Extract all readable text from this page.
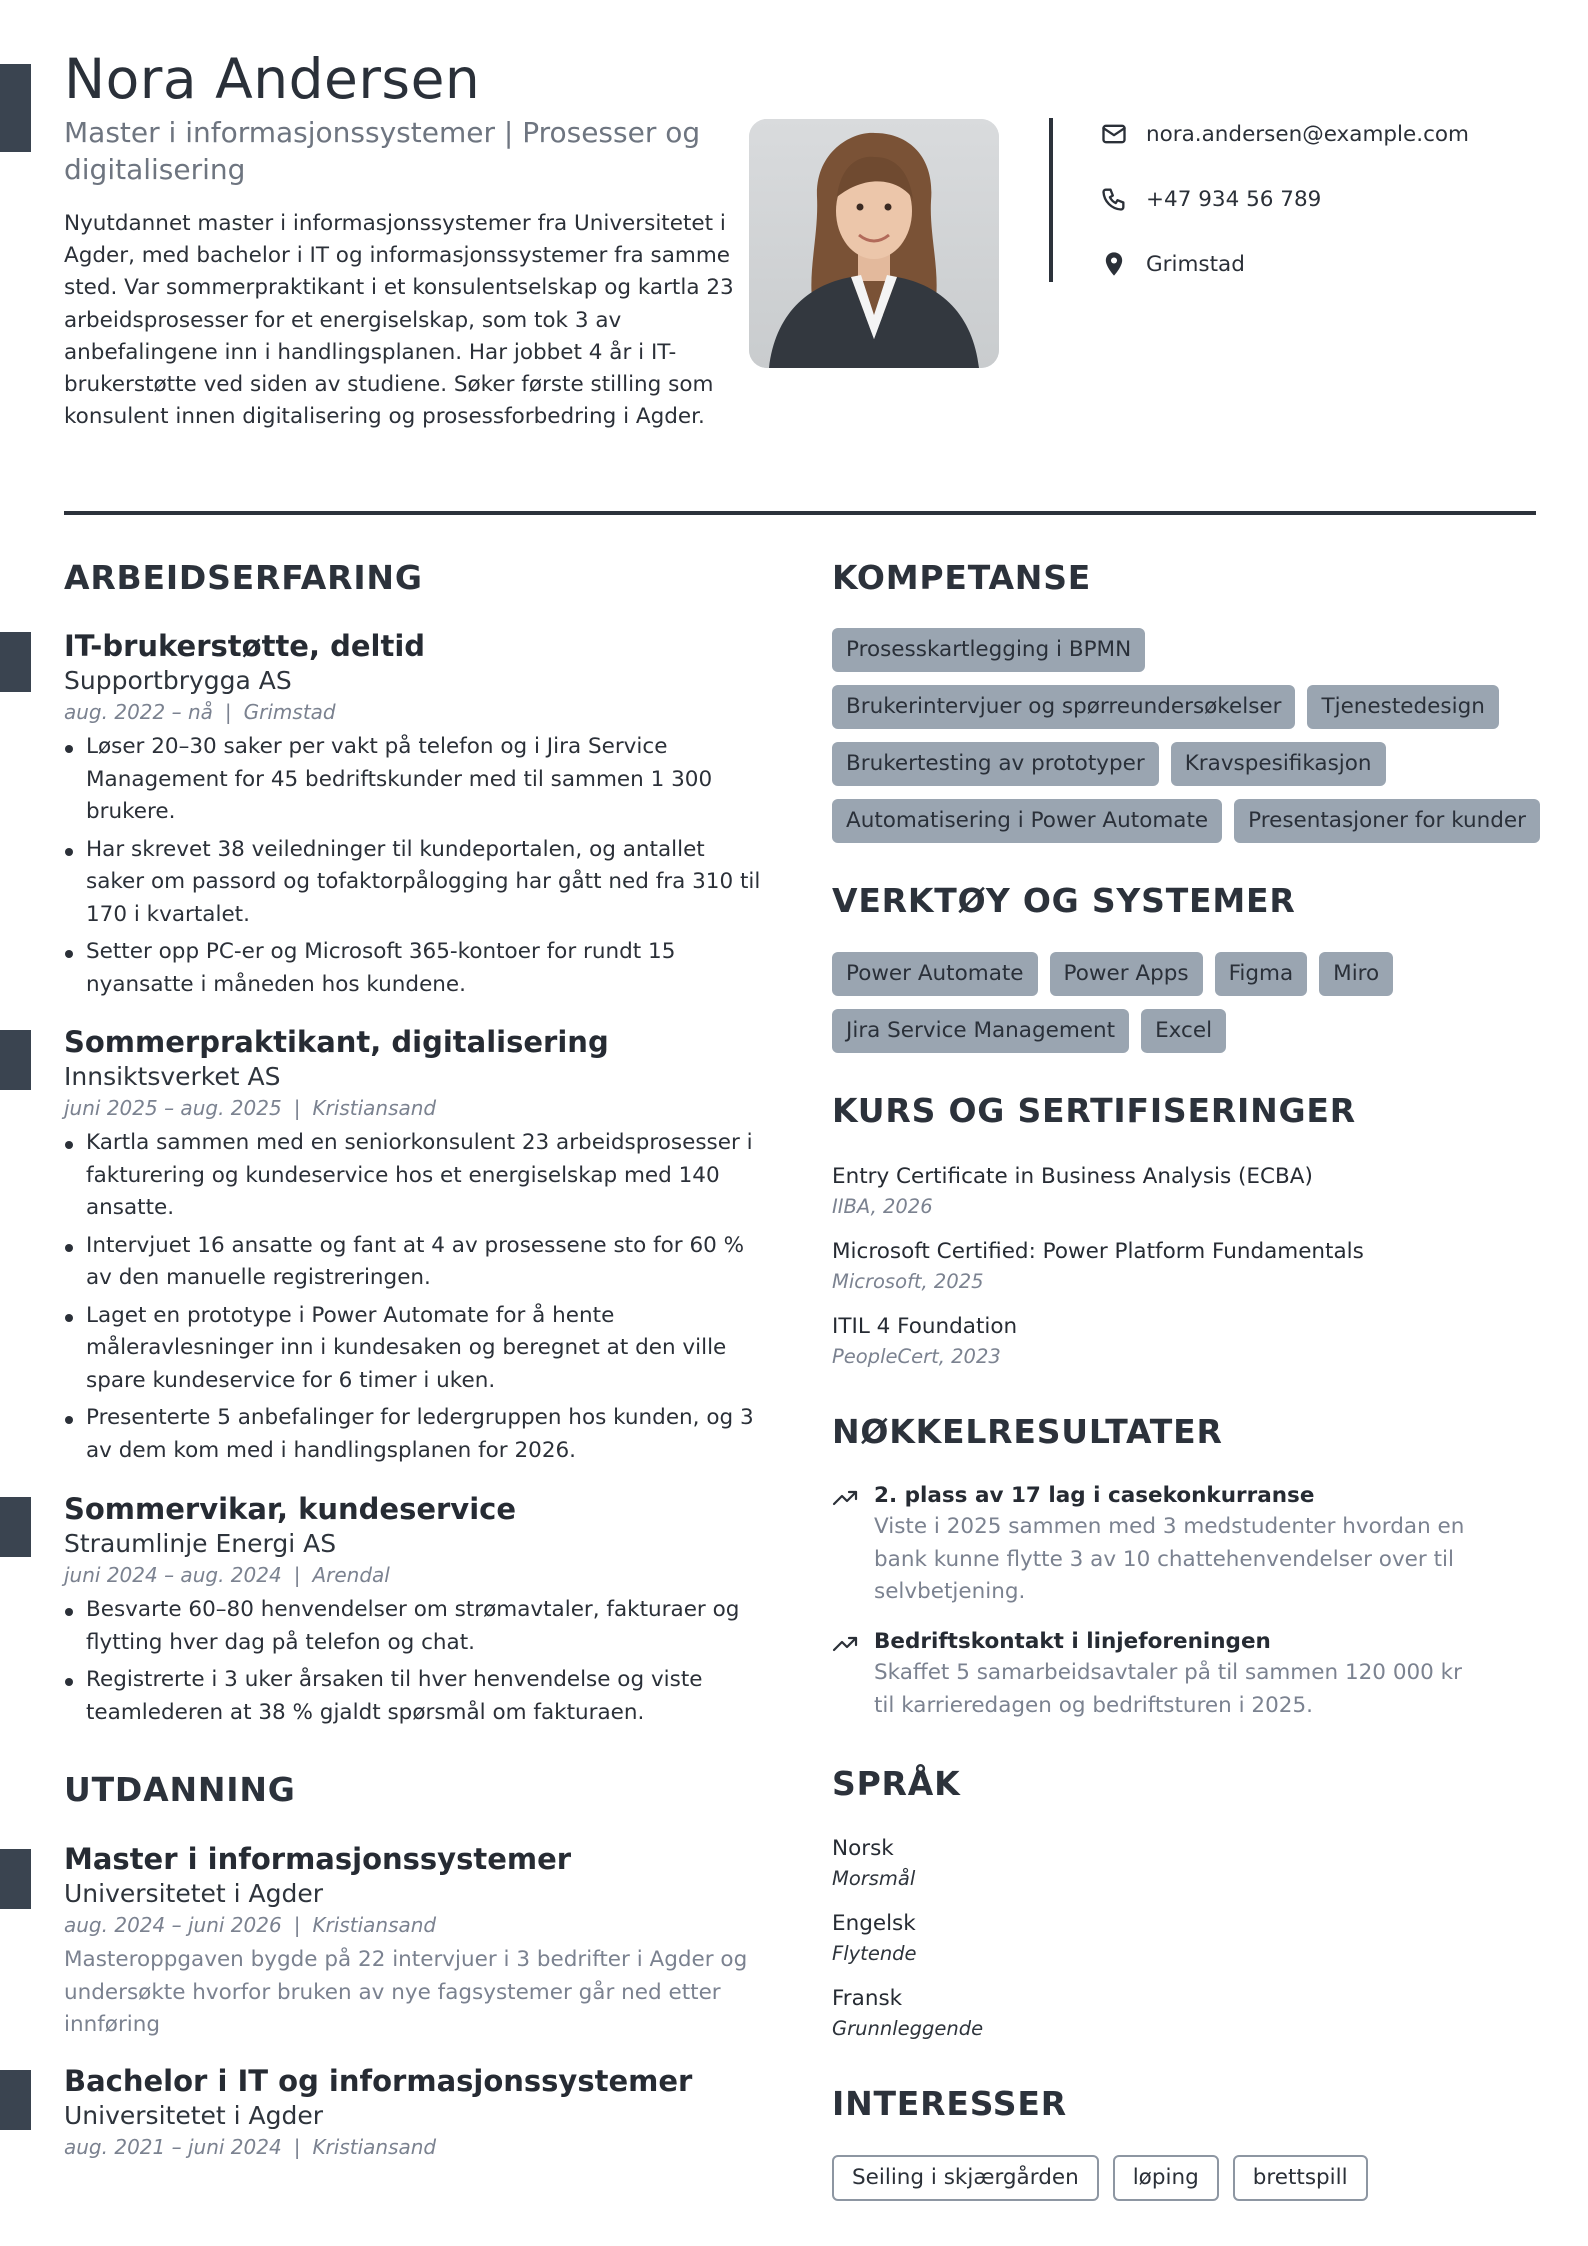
Nora Andersen
Master i informasjonssystemer | Prosesser og digitalisering

Nyutdannet master i informasjonssystemer fra Universitetet i Agder, med bachelor i IT og informasjonssystemer fra samme sted. Var sommerpraktikant i et konsulentselskap og kartla 23 arbeidsprosesser for et energiselskap, som tok 3 av anbefalingene inn i handlingsplanen. Har jobbet 4 år i IT-brukerstøtte ved siden av studiene. Søker første stilling som konsulent innen digitalisering og prosessforbedring i Agder.

nora.andersen@example.com
+47 934 56 789
Grimstad
ARBEIDSERFARING
IT-brukerstøtte, deltid
Supportbrygga AS
aug. 2022 – nå | Grimstad
Løser 20–30 saker per vakt på telefon og i Jira Service Management for 45 bedriftskunder med til sammen 1 300 brukere.
Har skrevet 38 veiledninger til kundeportalen, og antallet saker om passord og tofaktorpålogging har gått ned fra 310 til 170 i kvartalet.
Setter opp PC-er og Microsoft 365-kontoer for rundt 15 nyansatte i måneden hos kundene.
Sommerpraktikant, digitalisering
Innsiktsverket AS
juni 2025 – aug. 2025 | Kristiansand
Kartla sammen med en seniorkonsulent 23 arbeidsprosesser i fakturering og kundeservice hos et energiselskap med 140 ansatte.
Intervjuet 16 ansatte og fant at 4 av prosessene sto for 60 % av den manuelle registreringen.
Laget en prototype i Power Automate for å hente måleravlesninger inn i kundesaken og beregnet at den ville spare kundeservice for 6 timer i uken.
Presenterte 5 anbefalinger for ledergruppen hos kunden, og 3 av dem kom med i handlingsplanen for 2026.
Sommervikar, kundeservice
Straumlinje Energi AS
juni 2024 – aug. 2024 | Arendal
Besvarte 60–80 henvendelser om strømavtaler, fakturaer og flytting hver dag på telefon og chat.
Registrerte i 3 uker årsaken til hver henvendelse og viste teamlederen at 38 % gjaldt spørsmål om fakturaen.
UTDANNING
Master i informasjonssystemer
Universitetet i Agder
aug. 2024 – juni 2026 | Kristiansand

Masteroppgaven bygde på 22 intervjuer i 3 bedrifter i Agder og undersøkte hvorfor bruken av nye fagsystemer går ned etter innføring

Bachelor i IT og informasjonssystemer
Universitetet i Agder
aug. 2021 – juni 2024 | Kristiansand
KOMPETANSE
Prosesskartlegging i BPMN
Brukerintervjuer og spørreundersøkelser	Tjenestedesign
Brukertesting av prototyper	Kravspesifikasjon
Automatisering i Power Automate	Presentasjoner for kunder
VERKTØY OG SYSTEMER
Power Automate	Power Apps	Figma	Miro
Jira Service Management	Excel
KURS OG SERTIFISERINGER
Entry Certificate in Business Analysis (ECBA)
IIBA, 2026
Microsoft Certified: Power Platform Fundamentals
Microsoft, 2025
ITIL 4 Foundation
PeopleCert, 2023
NØKKELRESULTATER
2. plass av 17 lag i casekonkurranse

Viste i 2025 sammen med 3 medstudenter hvordan en bank kunne flytte 3 av 10 chattehenvendelser over til selvbetjening.

Bedriftskontakt i linjeforeningen

Skaffet 5 samarbeidsavtaler på til sammen 120 000 kr til karrieredagen og bedriftsturen i 2025.

SPRÅK
Norsk
Morsmål
Engelsk
Flytende
Fransk
Grunnleggende
INTERESSER
Seiling i skjærgården	løping	brettspill
